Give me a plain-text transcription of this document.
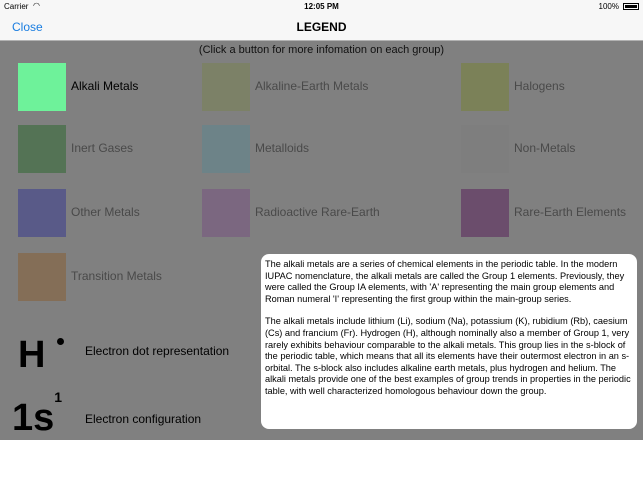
Carrier ◠	12:05 PM	100%
Close	LEGEND
Alkali Metals
(Click a button for more infomation on each group)
H	Electron dot representation
$1s^1$
Electron configuration

The alkali metals are a series of chemical elements in the periodic table. In the modern IUPAC nomenclature, the alkali metals are called the Group 1 elements. Previously, they were called the Group IA elements, with 'A' representing the main group elements and Roman numeral 'I' representing the first group within the main-group series.

The alkali metals include lithium (Li), sodium (Na), potassium (K), rubidium (Rb), caesium (Cs) and francium (Fr). Hydrogen (H), although nominally also a member of Group 1, very rarely exhibits behaviour comparable to the alkali metals. This group lies in the s-block of the periodic table, which means that all its elements have their outermost electron in an s-orbital. The s-block also includes alkaline earth metals, plus hydrogen and helium. The alkali metals provide one of the best examples of group trends in properties in the periodic table, with well characterized homologous behaviour down the group.
